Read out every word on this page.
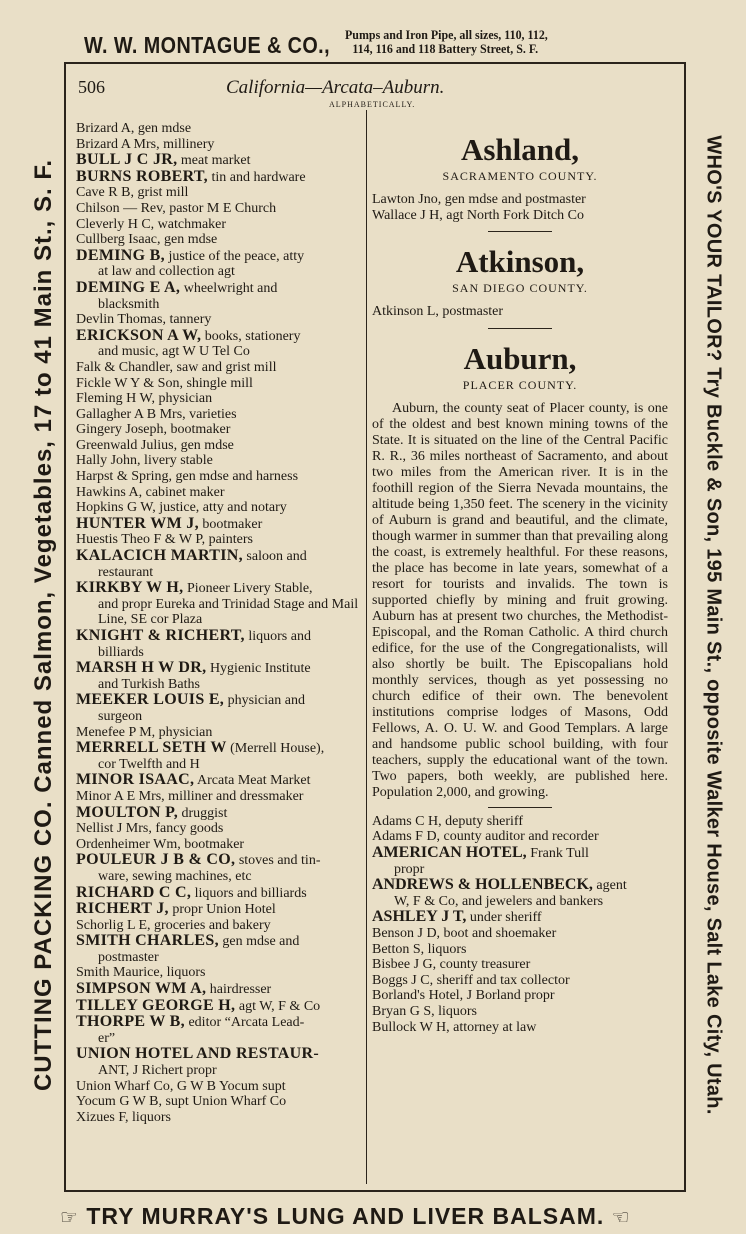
W. W. MONTAGUE & CO., Pumps and Iron Pipe, all sizes, 110, 112,
114, 116 and 118 Battery Street, S. F.
CUTTING PACKING CO. Canned Salmon, Vegetables, 17 to 41 Main St., S. F.	WHO'S YOUR TAILOR? Try Buckle & Son, 195 Main St., opposite Walker House, Salt Lake City, Utah.
506	California—Arcata–Auburn.
ALPHABETICALLY.
Brizard A, gen mdse
Brizard A Mrs, millinery
BULL J C JR, meat market
BURNS ROBERT, tin and hardware
Cave R B, grist mill
Chilson — Rev, pastor M E Church
Cleverly H C, watchmaker
Cullberg Isaac, gen mdse
DEMING B, justice of the peace, atty
at law and collection agt
DEMING E A, wheelwright and
blacksmith
Devlin Thomas, tannery
ERICKSON A W, books, stationery
and music, agt W U Tel Co
Falk & Chandler, saw and grist mill
Fickle W Y & Son, shingle mill
Fleming H W, physician
Gallagher A B Mrs, varieties
Gingery Joseph, bootmaker
Greenwald Julius, gen mdse
Hally John, livery stable
Harpst & Spring, gen mdse and harness
Hawkins A, cabinet maker
Hopkins G W, justice, atty and notary
HUNTER WM J, bootmaker
Huestis Theo F & W P, painters
KALACICH MARTIN, saloon and
restaurant
KIRKBY W H, Pioneer Livery Stable,
and propr Eureka and Trinidad Stage and Mail Line, SE cor Plaza
KNIGHT & RICHERT, liquors and
billiards
MARSH H W DR, Hygienic Institute
and Turkish Baths
MEEKER LOUIS E, physician and
surgeon
Menefee P M, physician
MERRELL SETH W (Merrell House),
cor Twelfth and H
MINOR ISAAC, Arcata Meat Market
Minor A E Mrs, milliner and dressmaker
MOULTON P, druggist
Nellist J Mrs, fancy goods
Ordenheimer Wm, bootmaker
POULEUR J B & CO, stoves and tin-
ware, sewing machines, etc
RICHARD C C, liquors and billiards
RICHERT J, propr Union Hotel
Schorlig L E, groceries and bakery
SMITH CHARLES, gen mdse and
postmaster
Smith Maurice, liquors
SIMPSON WM A, hairdresser
TILLEY GEORGE H, agt W, F & Co
THORPE W B, editor “Arcata Lead-
er”
UNION HOTEL AND RESTAUR-
ANT, J Richert propr
Union Wharf Co, G W B Yocum supt
Yocum G W B, supt Union Wharf Co
Xizues F, liquors
Ashland,
SACRAMENTO COUNTY.
Lawton Jno, gen mdse and postmaster
Wallace J H, agt North Fork Ditch Co
Atkinson,
SAN DIEGO COUNTY.
Atkinson L, postmaster
Auburn,
PLACER COUNTY.
Auburn, the county seat of Placer county, is one of the oldest and best known mining towns of the State. It is situated on the line of the Central Pacific R. R., 36 miles northeast of Sacramento, and about two miles from the American river. It is in the foothill region of the Sierra Nevada mountains, the altitude being 1,350 feet. The scenery in the vicinity of Auburn is grand and beautiful, and the climate, though warmer in summer than that prevailing along the coast, is extremely healthful. For these reasons, the place has become in late years, somewhat of a resort for tourists and invalids. The town is supported chiefly by mining and fruit growing. Auburn has at present two churches, the Methodist-Episcopal, and the Roman Catholic. A third church edifice, for the use of the Congregationalists, will also shortly be built. The Episcopalians hold monthly services, though as yet possessing no church edifice of their own. The benevolent institutions comprise lodges of Masons, Odd Fellows, A. O. U. W. and Good Templars. A large and handsome public school building, with four teachers, supply the educational want of the town. Two papers, both weekly, are published here. Population 2,000, and growing.
Adams C H, deputy sheriff
Adams F D, county auditor and recorder
AMERICAN HOTEL, Frank Tull
propr
ANDREWS & HOLLENBECK, agent
W, F & Co, and jewelers and bankers
ASHLEY J T, under sheriff
Benson J D, boot and shoemaker
Betton S, liquors
Bisbee J G, county treasurer
Boggs J C, sheriff and tax collector
Borland's Hotel, J Borland propr
Bryan G S, liquors
Bullock W H, attorney at law
☞ TRY MURRAY'S LUNG AND LIVER BALSAM. ☜
